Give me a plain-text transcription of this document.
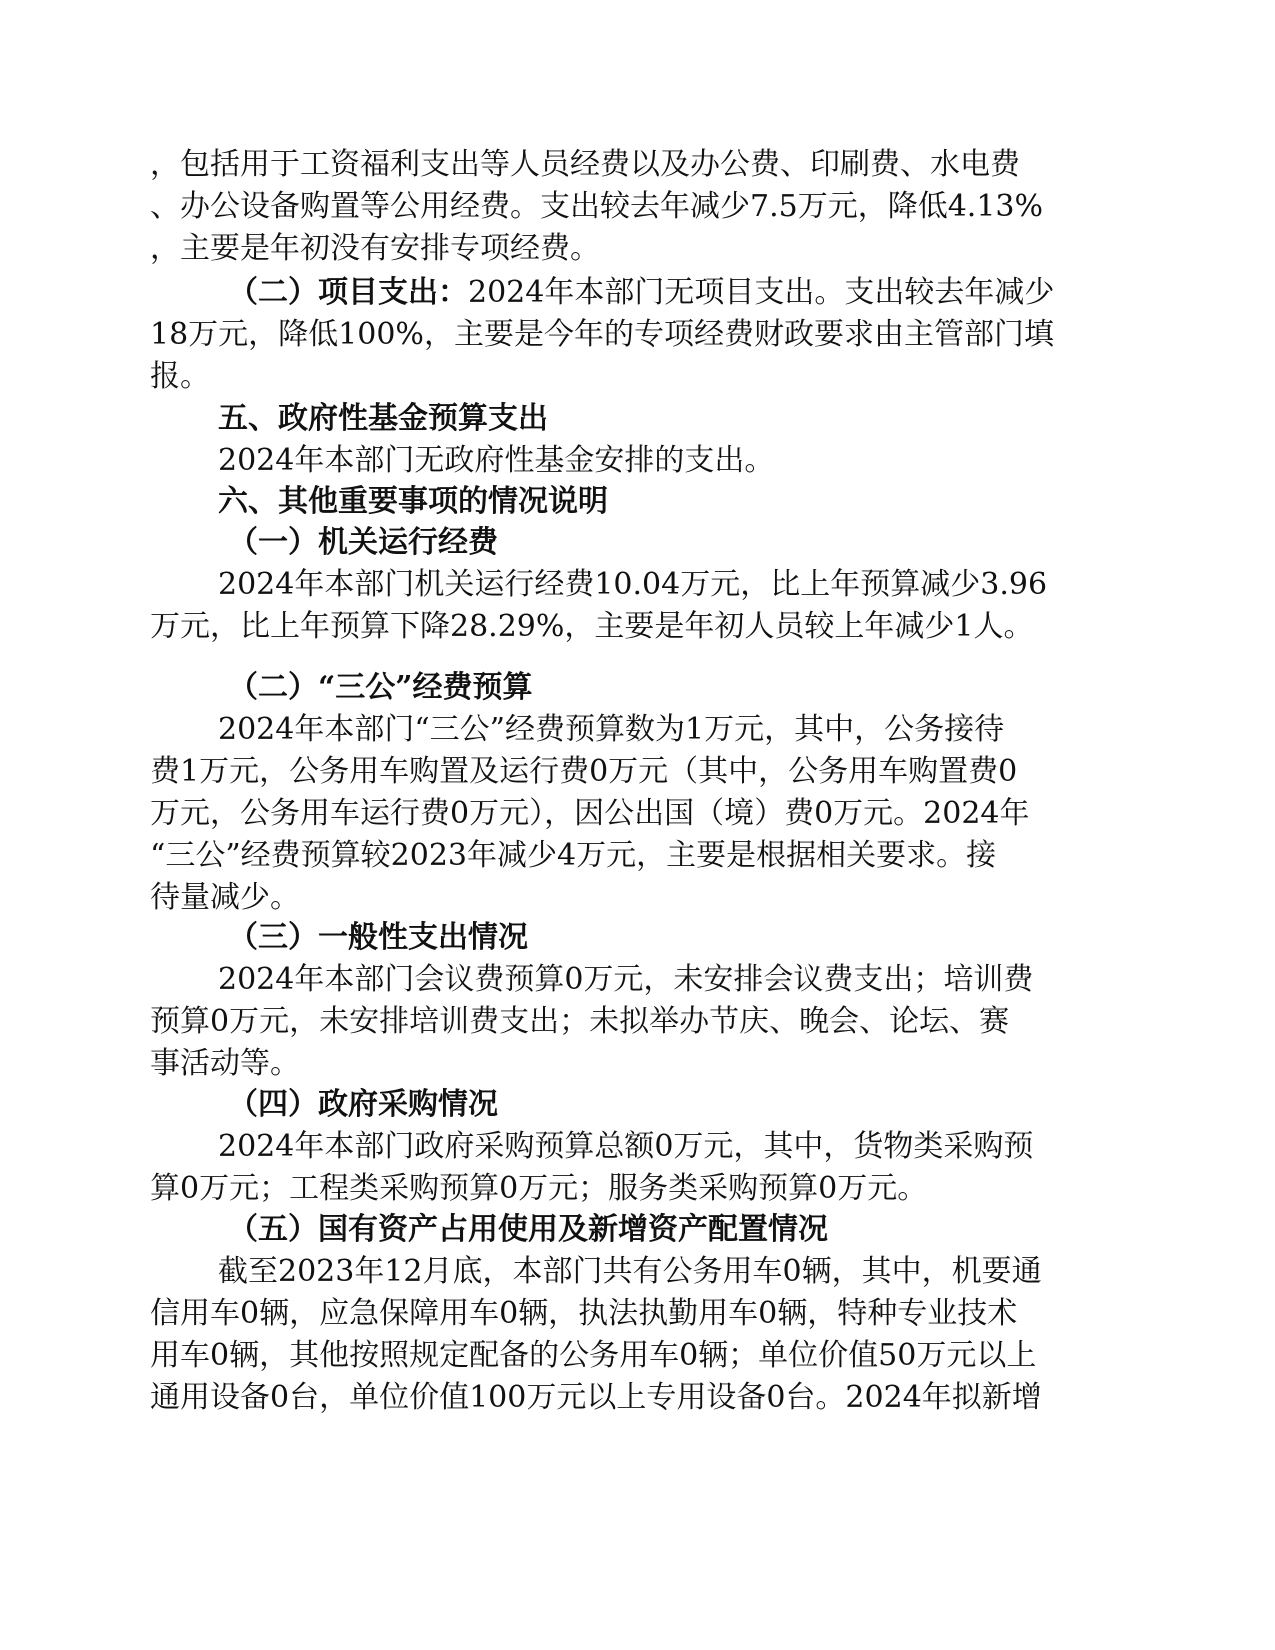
，包括用于工资福利支出等人员经费以及办公费、印刷费、水电费

、办公设备购置等公用经费。支出较去年减少7.5万元，降低4.13%

，主要是年初没有安排专项经费。

（二）项目支出：2024年本部门无项目支出。支出较去年减少

18万元，降低100%，主要是今年的专项经费财政要求由主管部门填

报。

五、政府性基金预算支出

2024年本部门无政府性基金安排的支出。

六、其他重要事项的情况说明

（一）机关运行经费

2024年本部门机关运行经费10.04万元，比上年预算减少3.96

万元，比上年预算下降28.29%，主要是年初人员较上年减少1人。

（二）“三公”经费预算

2024年本部门“三公”经费预算数为1万元，其中，公务接待

费1万元，公务用车购置及运行费0万元（其中，公务用车购置费0

万元，公务用车运行费0万元），因公出国（境）费0万元。2024年

“三公”经费预算较2023年减少4万元，主要是根据相关要求。接

待量减少。

（三）一般性支出情况

2024年本部门会议费预算0万元，未安排会议费支出；培训费

预算0万元，未安排培训费支出；未拟举办节庆、晚会、论坛、赛

事活动等。

（四）政府采购情况

2024年本部门政府采购预算总额0万元，其中，货物类采购预

算0万元；工程类采购预算0万元；服务类采购预算0万元。

（五）国有资产占用使用及新增资产配置情况

截至2023年12月底，本部门共有公务用车0辆，其中，机要通

信用车0辆，应急保障用车0辆，执法执勤用车0辆，特种专业技术

用车0辆，其他按照规定配备的公务用车0辆；单位价值50万元以上

通用设备0台，单位价值100万元以上专用设备0台。2024年拟新增
